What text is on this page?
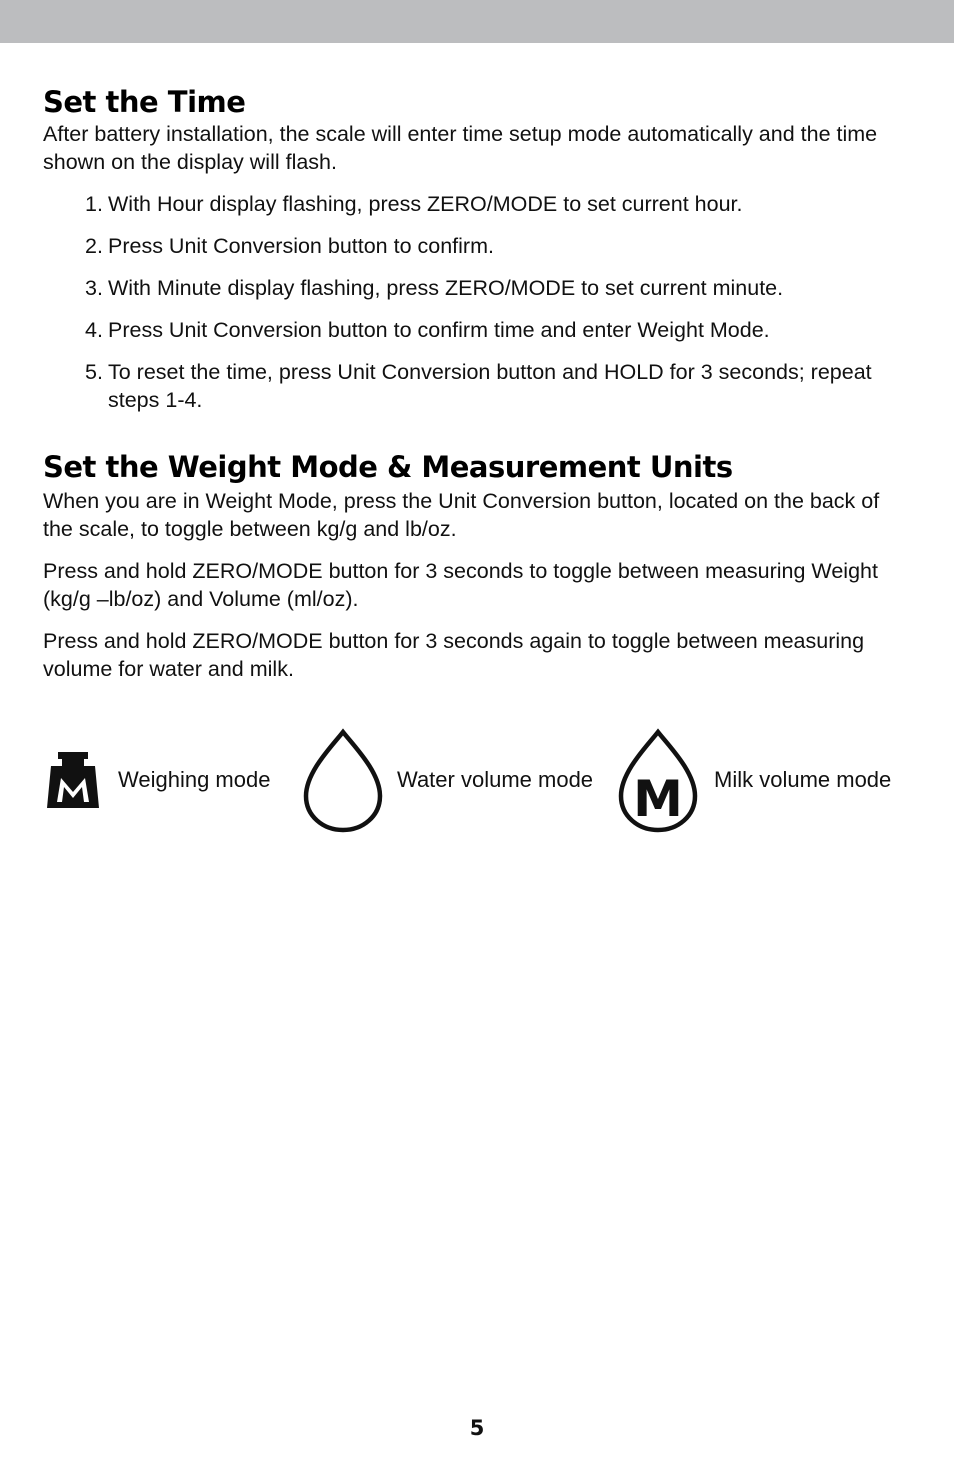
Set the Time

After battery installation, the scale will enter time setup mode automatically and the time shown on the display will flash.

1. With Hour display flashing, press ZERO/MODE to set current hour.
2. Press Unit Conversion button to confirm.
3. With Minute display flashing, press ZERO/MODE to set current minute.
4. Press Unit Conversion button to confirm time and enter Weight Mode.
5. To reset the time, press Unit Conversion button and HOLD for 3 seconds; repeat steps 1-4.
Set the Weight Mode & Measurement Units

When you are in Weight Mode, press the Unit Conversion button, located on the back of the scale, to toggle between kg/g and lb/oz.

Press and hold ZERO/MODE button for 3 seconds to toggle between measuring Weight (kg/g –lb/oz) and Volume (ml/oz).

Press and hold ZERO/MODE button for 3 seconds again to toggle between measuring volume for water and milk.

Weighing mode	Water volume mode M Milk volume mode
5
